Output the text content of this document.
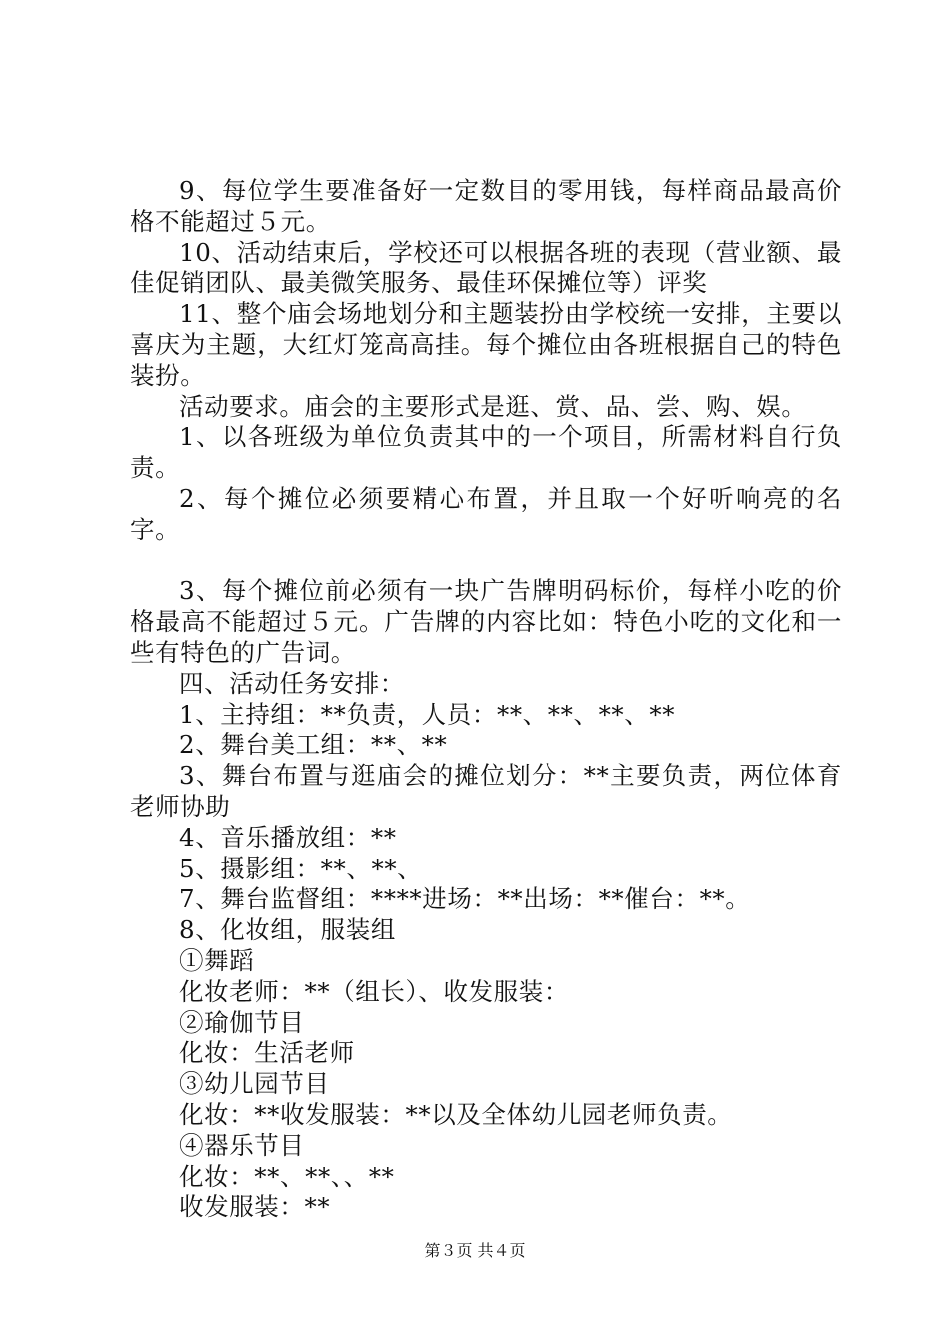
9、每位学生要准备好一定数目的零用钱，每样商品最高价格不能超过５元。

10、活动结束后，学校还可以根据各班的表现（营业额、最佳促销团队、最美微笑服务、最佳环保摊位等）评奖

11、整个庙会场地划分和主题装扮由学校统一安排，主要以喜庆为主题，大红灯笼高高挂。每个摊位由各班根据自己的特色装扮。

活动要求。庙会的主要形式是逛、赏、品、尝、购、娱。

1、以各班级为单位负责其中的一个项目，所需材料自行负责。

2、每个摊位必须要精心布置，并且取一个好听响亮的名字。

3、每个摊位前必须有一块广告牌明码标价，每样小吃的价格最高不能超过５元。广告牌的内容比如：特色小吃的文化和一些有特色的广告词。

四、活动任务安排：

1、主持组：**负责，人员：**、**、**、**

2、舞台美工组：**、**

3、舞台布置与逛庙会的摊位划分：**主要负责，两位体育老师协助

4、音乐播放组：**

5、摄影组：**、**、

7、舞台监督组：****进场：**出场：**催台：**。

8、化妆组，服装组

①舞蹈

化妆老师：**（组长）、收发服装：

②瑜伽节目

化妆：生活老师

③幼儿园节目

化妆：**收发服装：**以及全体幼儿园老师负责。

④器乐节目

化妆：**、**、、**

收发服装：**

第３页 共４页
